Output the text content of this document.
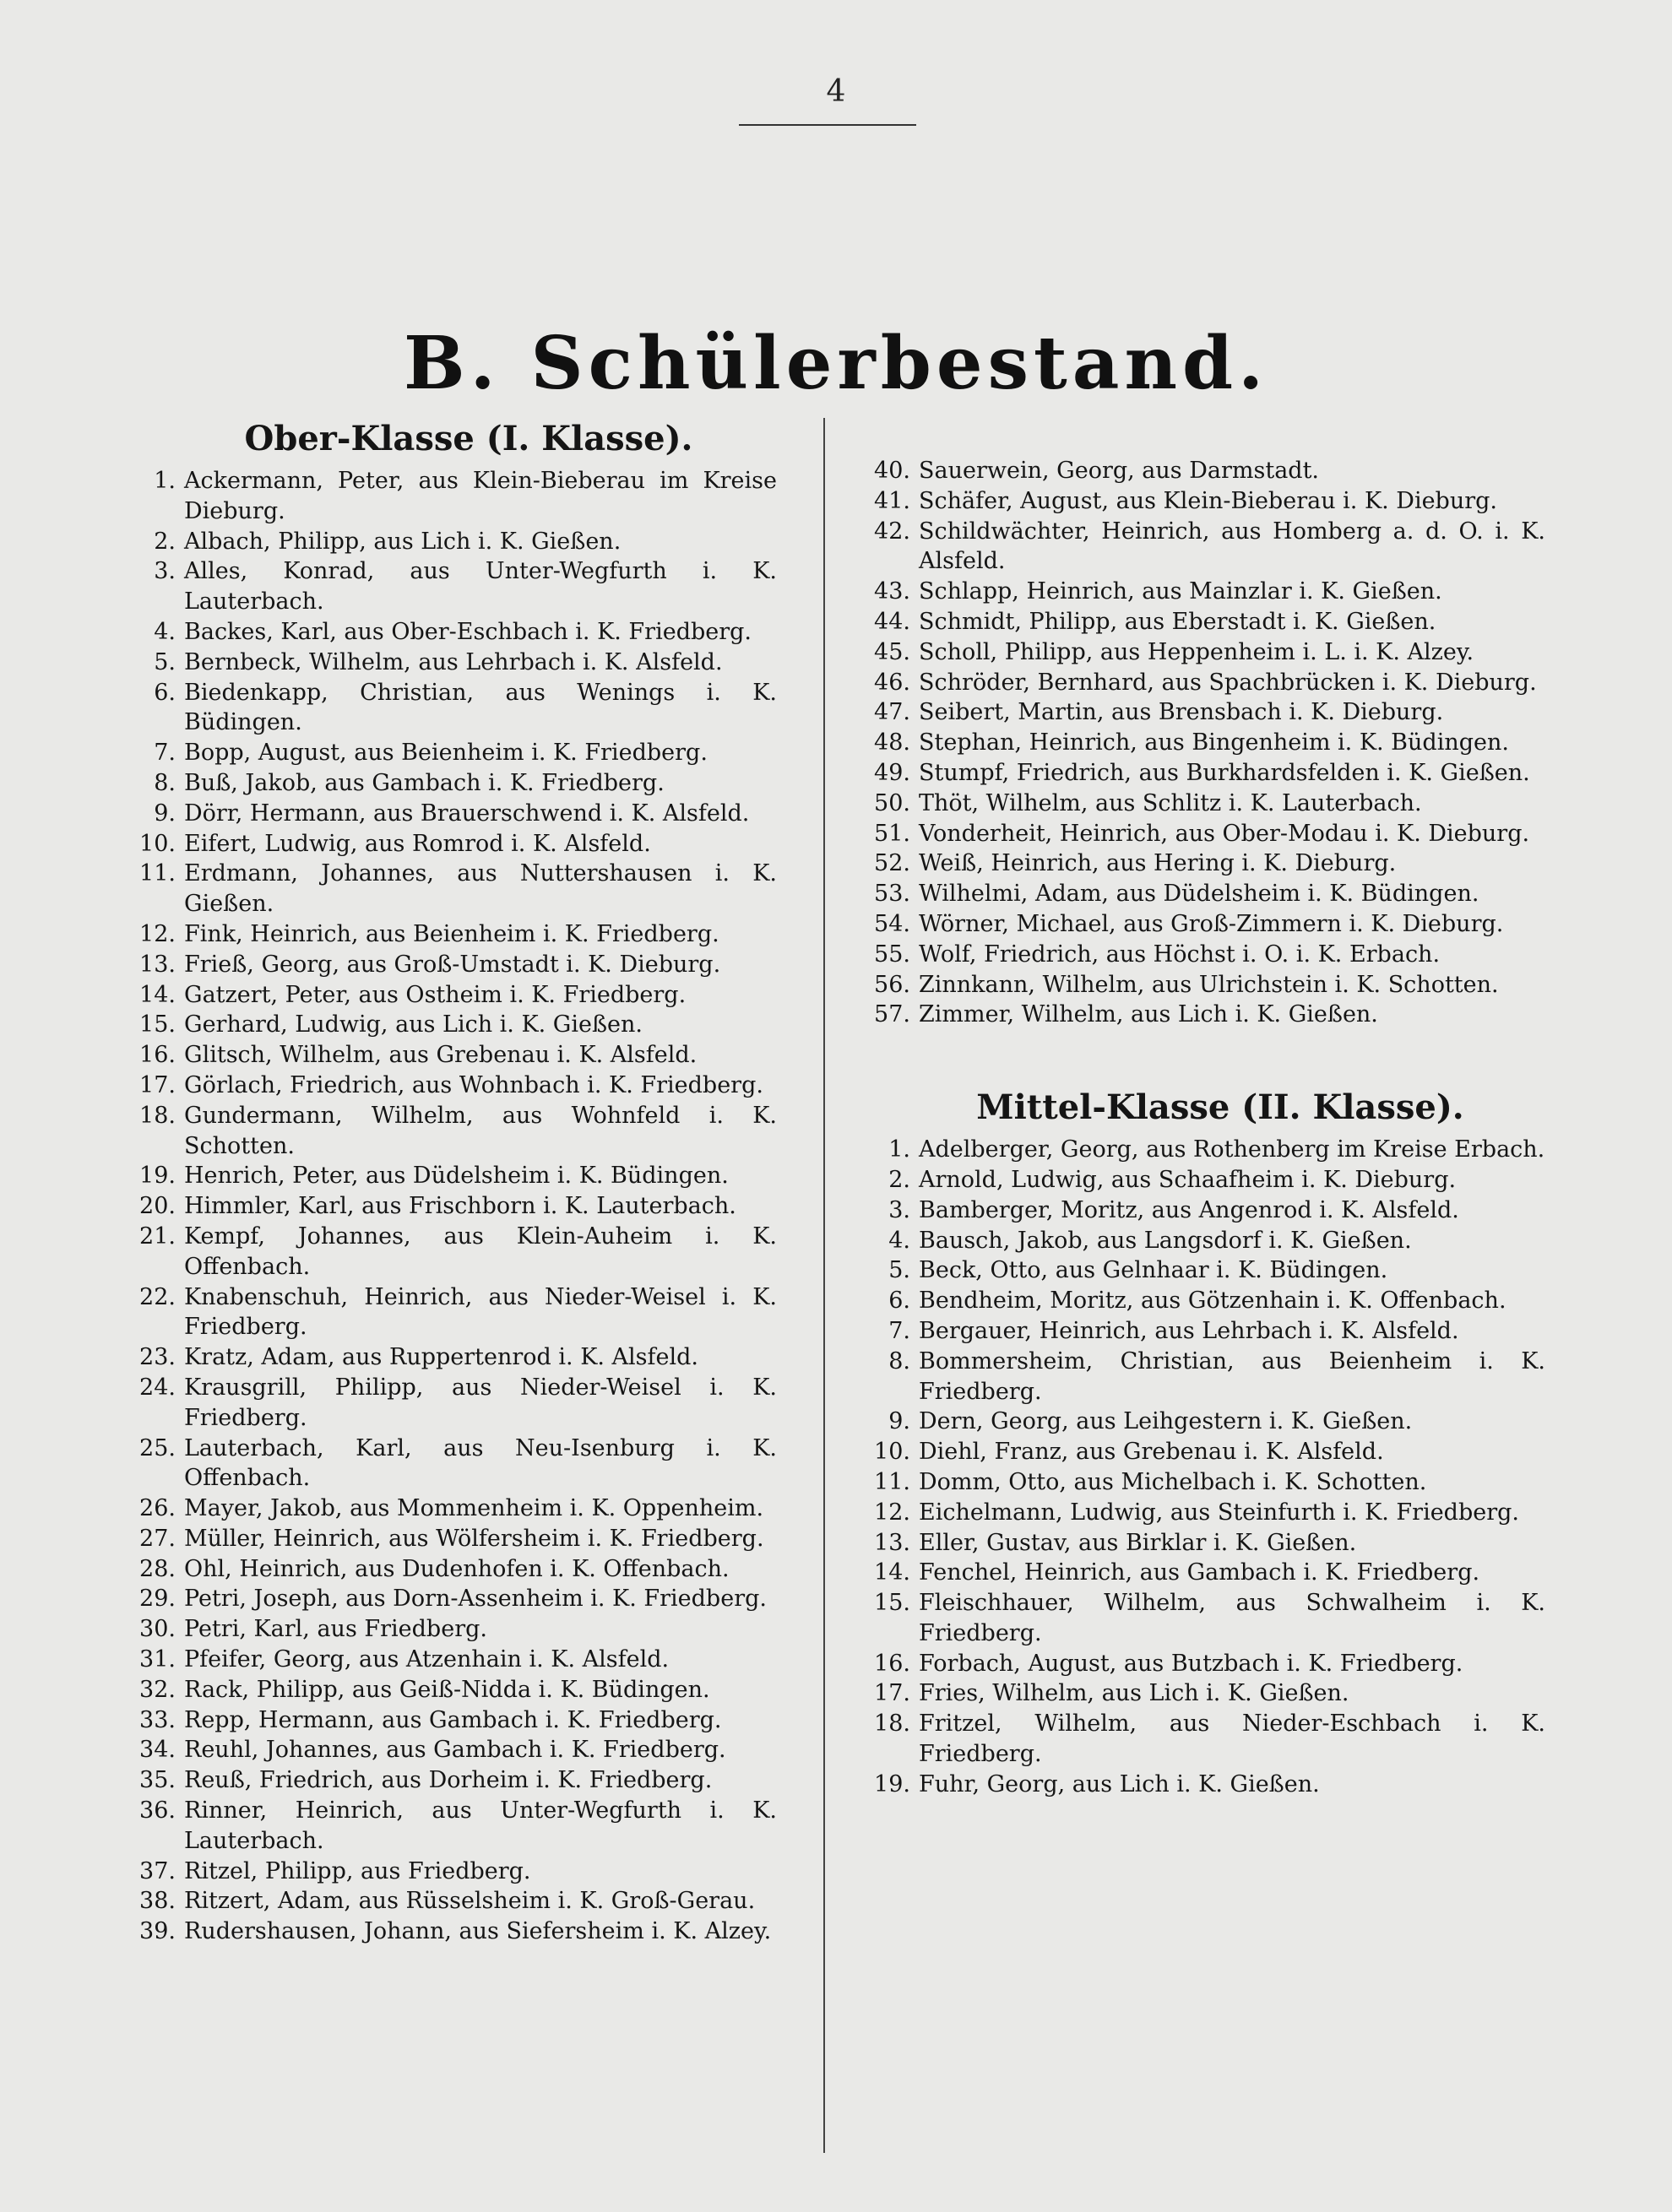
4
B. Schülerbestand.
Ober-Klasse (I. Klasse).
1. Ackermann, Peter, aus Klein-Bieberau im Kreise Dieburg.
2. Albach, Philipp, aus Lich i. K. Gießen.
3. Alles, Konrad, aus Unter-Wegfurth i. K. Lauterbach.
4. Backes, Karl, aus Ober-Eschbach i. K. Friedberg.
5. Bernbeck, Wilhelm, aus Lehrbach i. K. Alsfeld.
6. Biedenkapp, Christian, aus Wenings i. K. Büdingen.
7. Bopp, August, aus Beienheim i. K. Friedberg.
8. Buß, Jakob, aus Gambach i. K. Friedberg.
9. Dörr, Hermann, aus Brauerschwend i. K. Alsfeld.
10. Eifert, Ludwig, aus Romrod i. K. Alsfeld.
11. Erdmann, Johannes, aus Nuttershausen i. K. Gießen.
12. Fink, Heinrich, aus Beienheim i. K. Friedberg.
13. Frieß, Georg, aus Groß-Umstadt i. K. Dieburg.
14. Gatzert, Peter, aus Ostheim i. K. Friedberg.
15. Gerhard, Ludwig, aus Lich i. K. Gießen.
16. Glitsch, Wilhelm, aus Grebenau i. K. Alsfeld.
17. Görlach, Friedrich, aus Wohnbach i. K. Friedberg.
18. Gundermann, Wilhelm, aus Wohnfeld i. K. Schotten.
19. Henrich, Peter, aus Düdelsheim i. K. Büdingen.
20. Himmler, Karl, aus Frischborn i. K. Lauterbach.
21. Kempf, Johannes, aus Klein-Auheim i. K. Offenbach.
22. Knabenschuh, Heinrich, aus Nieder-Weisel i. K. Friedberg.
23. Kratz, Adam, aus Ruppertenrod i. K. Alsfeld.
24. Krausgrill, Philipp, aus Nieder-Weisel i. K. Friedberg.
25. Lauterbach, Karl, aus Neu-Isenburg i. K. Offenbach.
26. Mayer, Jakob, aus Mommenheim i. K. Oppenheim.
27. Müller, Heinrich, aus Wölfersheim i. K. Friedberg.
28. Ohl, Heinrich, aus Dudenhofen i. K. Offenbach.
29. Petri, Joseph, aus Dorn-Assenheim i. K. Friedberg.
30. Petri, Karl, aus Friedberg.
31. Pfeifer, Georg, aus Atzenhain i. K. Alsfeld.
32. Rack, Philipp, aus Geiß-Nidda i. K. Büdingen.
33. Repp, Hermann, aus Gambach i. K. Friedberg.
34. Reuhl, Johannes, aus Gambach i. K. Friedberg.
35. Reuß, Friedrich, aus Dorheim i. K. Friedberg.
36. Rinner, Heinrich, aus Unter-Wegfurth i. K. Lauterbach.
37. Ritzel, Philipp, aus Friedberg.
38. Ritzert, Adam, aus Rüsselsheim i. K. Groß-Gerau.
39. Rudershausen, Johann, aus Siefersheim i. K. Alzey.
40. Sauerwein, Georg, aus Darmstadt.
41. Schäfer, August, aus Klein-Bieberau i. K. Dieburg.
42. Schildwächter, Heinrich, aus Homberg a. d. O. i. K. Alsfeld.
43. Schlapp, Heinrich, aus Mainzlar i. K. Gießen.
44. Schmidt, Philipp, aus Eberstadt i. K. Gießen.
45. Scholl, Philipp, aus Heppenheim i. L. i. K. Alzey.
46. Schröder, Bernhard, aus Spachbrücken i. K. Dieburg.
47. Seibert, Martin, aus Brensbach i. K. Dieburg.
48. Stephan, Heinrich, aus Bingenheim i. K. Büdingen.
49. Stumpf, Friedrich, aus Burkhardsfelden i. K. Gießen.
50. Thöt, Wilhelm, aus Schlitz i. K. Lauterbach.
51. Vonderheit, Heinrich, aus Ober-Modau i. K. Dieburg.
52. Weiß, Heinrich, aus Hering i. K. Dieburg.
53. Wilhelmi, Adam, aus Düdelsheim i. K. Büdingen.
54. Wörner, Michael, aus Groß-Zimmern i. K. Dieburg.
55. Wolf, Friedrich, aus Höchst i. O. i. K. Erbach.
56. Zinnkann, Wilhelm, aus Ulrichstein i. K. Schotten.
57. Zimmer, Wilhelm, aus Lich i. K. Gießen.
Mittel-Klasse (II. Klasse).
1. Adelberger, Georg, aus Rothenberg im Kreise Erbach.
2. Arnold, Ludwig, aus Schaafheim i. K. Dieburg.
3. Bamberger, Moritz, aus Angenrod i. K. Alsfeld.
4. Bausch, Jakob, aus Langsdorf i. K. Gießen.
5. Beck, Otto, aus Gelnhaar i. K. Büdingen.
6. Bendheim, Moritz, aus Götzenhain i. K. Offenbach.
7. Bergauer, Heinrich, aus Lehrbach i. K. Alsfeld.
8. Bommersheim, Christian, aus Beienheim i. K. Friedberg.
9. Dern, Georg, aus Leihgestern i. K. Gießen.
10. Diehl, Franz, aus Grebenau i. K. Alsfeld.
11. Domm, Otto, aus Michelbach i. K. Schotten.
12. Eichelmann, Ludwig, aus Steinfurth i. K. Friedberg.
13. Eller, Gustav, aus Birklar i. K. Gießen.
14. Fenchel, Heinrich, aus Gambach i. K. Friedberg.
15. Fleischhauer, Wilhelm, aus Schwalheim i. K. Friedberg.
16. Forbach, August, aus Butzbach i. K. Friedberg.
17. Fries, Wilhelm, aus Lich i. K. Gießen.
18. Fritzel, Wilhelm, aus Nieder-Eschbach i. K. Friedberg.
19. Fuhr, Georg, aus Lich i. K. Gießen.
